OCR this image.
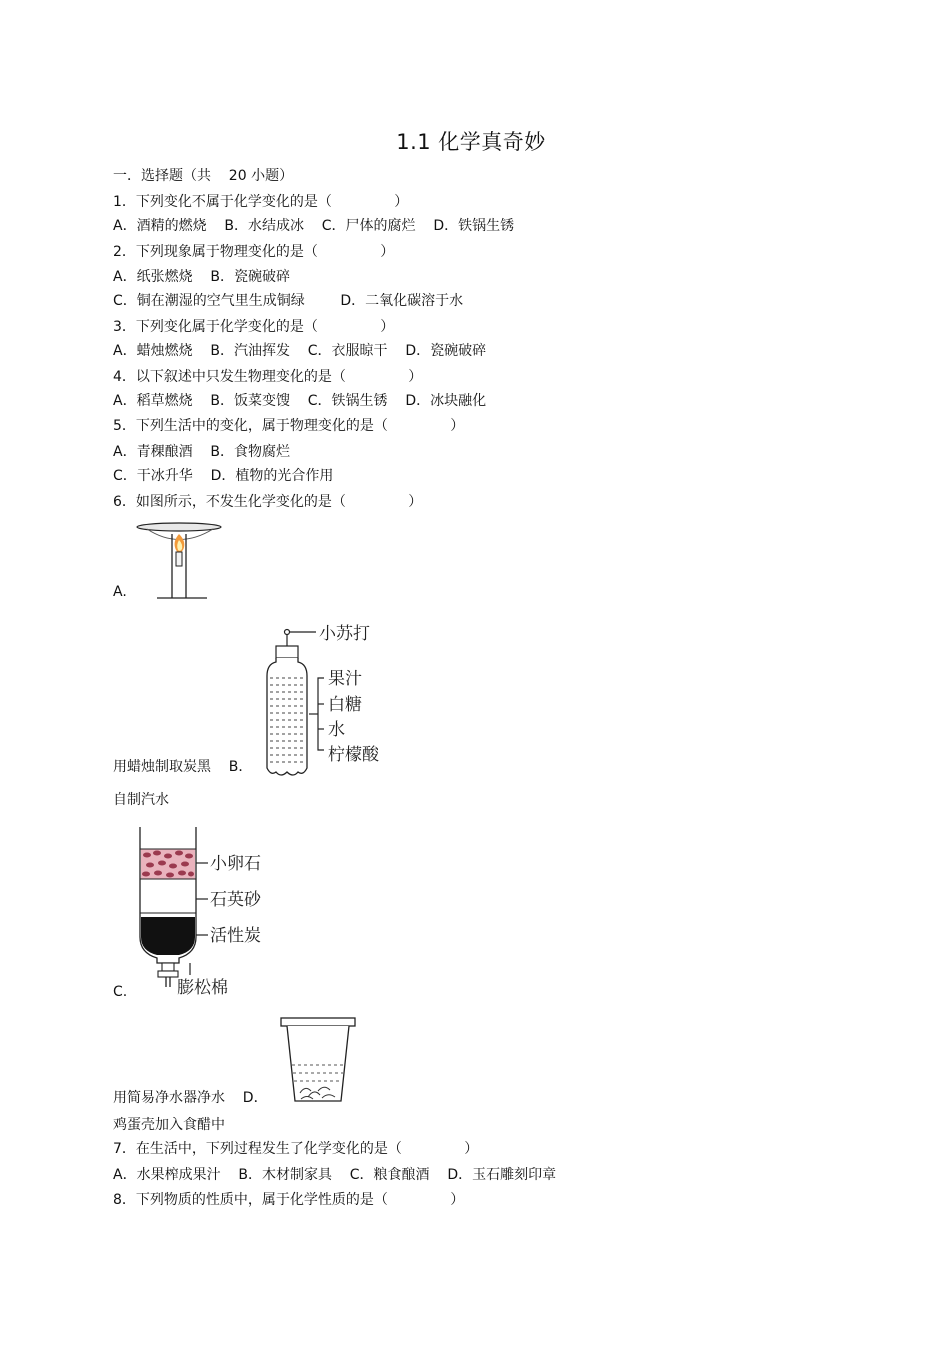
1.1 化学真奇妙
一．选择题（共    20 小题）
1．下列变化不属于化学变化的是（              ）
A．酒精的燃烧    B．水结成冰    C．尸体的腐烂    D．铁锅生锈
2．下列现象属于物理变化的是（              ）
A．纸张燃烧    B．瓷碗破碎
C．铜在潮湿的空气里生成铜绿        D．二氧化碳溶于水
3．下列变化属于化学变化的是（              ）
A．蜡烛燃烧    B．汽油挥发    C．衣服晾干    D．瓷碗破碎
4．以下叙述中只发生物理变化的是（              ）
A．稻草燃烧    B．饭菜变馊    C．铁锅生锈    D．冰块融化
5．下列生活中的变化，属于物理变化的是（              ）
A．青稞酿酒    B．食物腐烂
C．干冰升华    D．植物的光合作用
6．如图所示，不发生化学变化的是（              ）
A.
小苏打
果汁
白糖
水
柠檬酸
用蜡烛制取炭黑    B．
自制汽水
小卵石
石英砂
活性炭
膨松棉
C.
用简易净水器净水    D．
鸡蛋壳加入食醋中
7．在生活中，下列过程发生了化学变化的是（              ）
A．水果榨成果汁    B．木材制家具    C．粮食酿酒    D．玉石雕刻印章
8．下列物质的性质中，属于化学性质的是（              ）
